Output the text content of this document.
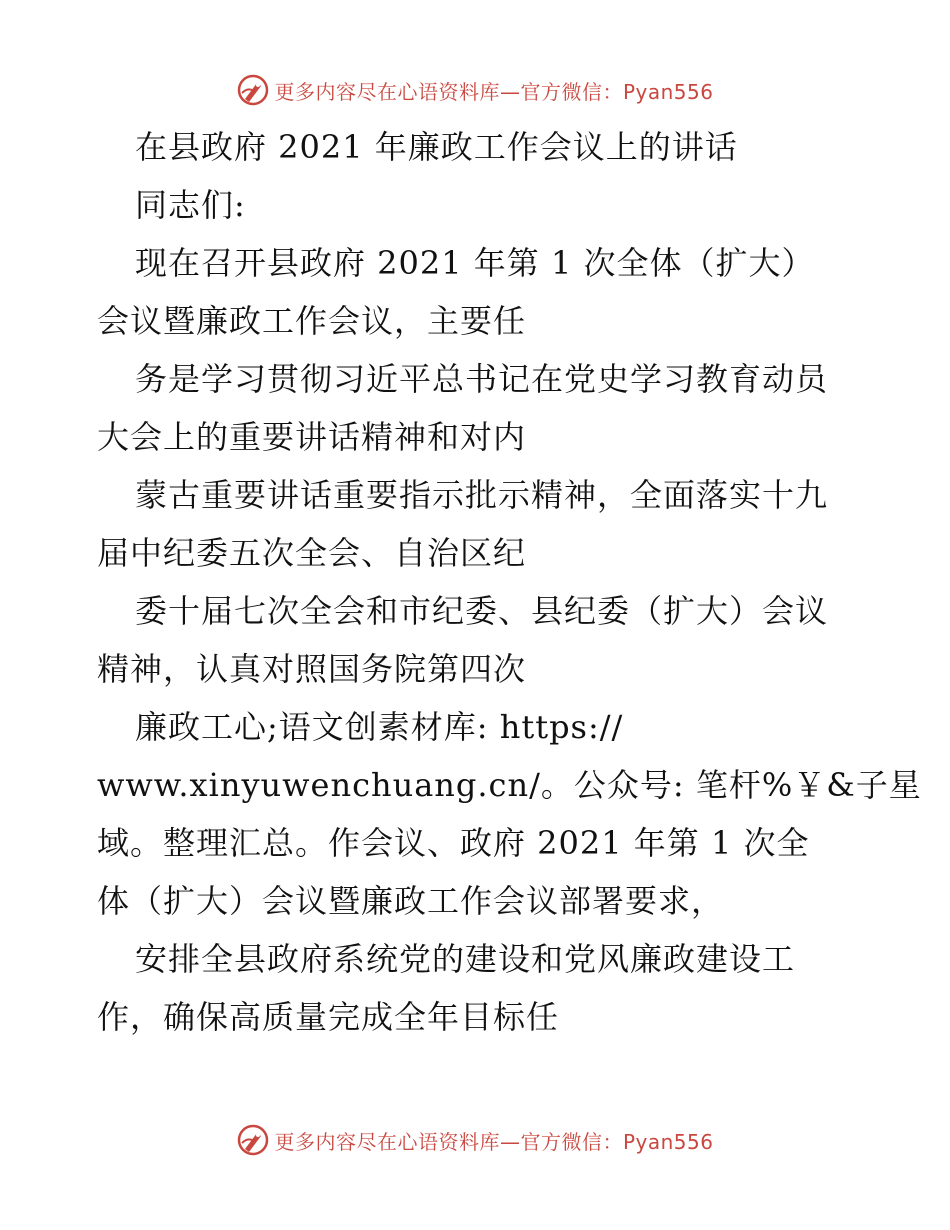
更多内容尽在心语资料库—官方微信：Pyan556
在县政府 2021 年廉政工作会议上的讲话
同志们:
现在召开县政府 2021 年第 1 次全体（扩大）
会议暨廉政工作会议，主要任
务是学习贯彻习近平总书记在党史学习教育动员
大会上的重要讲话精神和对内
蒙古重要讲话重要指示批示精神，全面落实十九
届中纪委五次全会、自治区纪
委十届七次全会和市纪委、县纪委（扩大）会议
精神，认真对照国务院第四次
廉政工心;语文创素材库: https://
www.xinyuwenchuang.cn/。公众号: 笔杆%￥&子星
域。整理汇总。作会议、政府 2021 年第 1 次全
体（扩大）会议暨廉政工作会议部署要求，
安排全县政府系统党的建设和党风廉政建设工
作，确保高质量完成全年目标任
更多内容尽在心语资料库—官方微信：Pyan556
